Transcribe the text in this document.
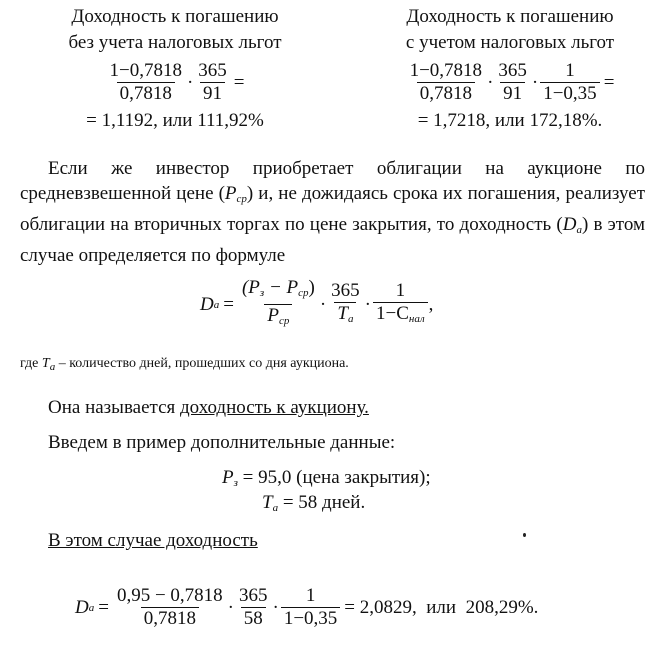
Доходность к погашению
без учета налоговых льгот
$\frac{1-0,7818}{0,7818} \cdot \frac{365}{91}$ =
= 1,1192, или 111,92%
Доходность к погашению
с учетом налоговых льгот
$\frac{1-0,7818}{0,7818} \cdot \frac{365}{91} \cdot \frac{1}{1-0,35}$ =
= 1,7218, или 172,18%.
Если же инвестор приобретает облигации на аукционе по средневзвешенной цене $(P_{ср})$ и, не дожидаясь срока их погашения, реализует облигации на вторичных торгах по цене закрытия, то доходность $(D_a)$ в этом случае определяется по формуле
D $a = \frac{(P_з - P_{ср})}{P_{ср}} \cdot \frac{365}{T_a} \cdot \frac{1}{1-C_{нал}}$ ,
где $T_a$ – количество дней, прошедших со дня аукциона.
Она называется доходность к аукциону.
Введем в пример дополнительные данные:
$P_з = 95,0$ (цена закрытия);
$T_a = 58$ дней.
В этом случае доходность
D $a = \frac{0,95 - 0,7818}{0,7818} \cdot \frac{365}{58} \cdot \frac{1}{1-0,35} = 2,0829$,  или  208,29%.
